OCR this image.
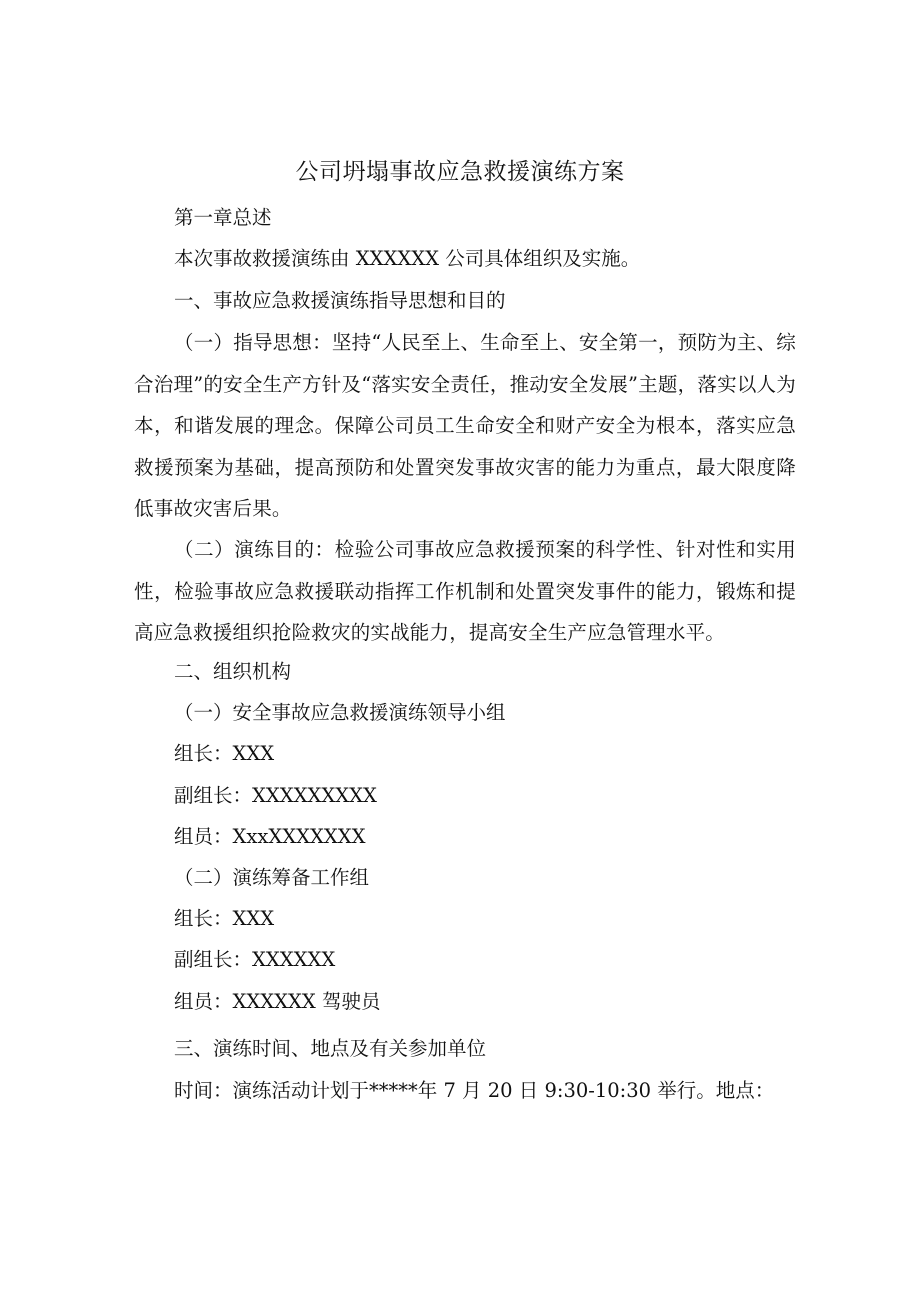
公司坍塌事故应急救援演练方案
第一章总述
本次事故救援演练由 XXXXXX 公司具体组织及实施。
一、事故应急救援演练指导思想和目的
（一）指导思想：坚持“人民至上、生命至上、安全第一，预防为主、综合治理”的安全生产方针及“落实安全责任，推动安全发展”主题，落实以人为本，和谐发展的理念。保障公司员工生命安全和财产安全为根本，落实应急救援预案为基础，提高预防和处置突发事故灾害的能力为重点，最大限度降低事故灾害后果。
（二）演练目的：检验公司事故应急救援预案的科学性、针对性和实用性，检验事故应急救援联动指挥工作机制和处置突发事件的能力，锻炼和提高应急救援组织抢险救灾的实战能力，提高安全生产应急管理水平。
二、组织机构
（一）安全事故应急救援演练领导小组
组长：XXX
副组长：XXXXXXXXX
组员：XxxXXXXXXX
（二）演练筹备工作组
组长：XXX
副组长：XXXXXX
组员：XXXXXX 驾驶员
三、演练时间、地点及有关参加单位
时间：演练活动计划于*****年 7 月 20 日 9:30-10:30 举行。地点：
